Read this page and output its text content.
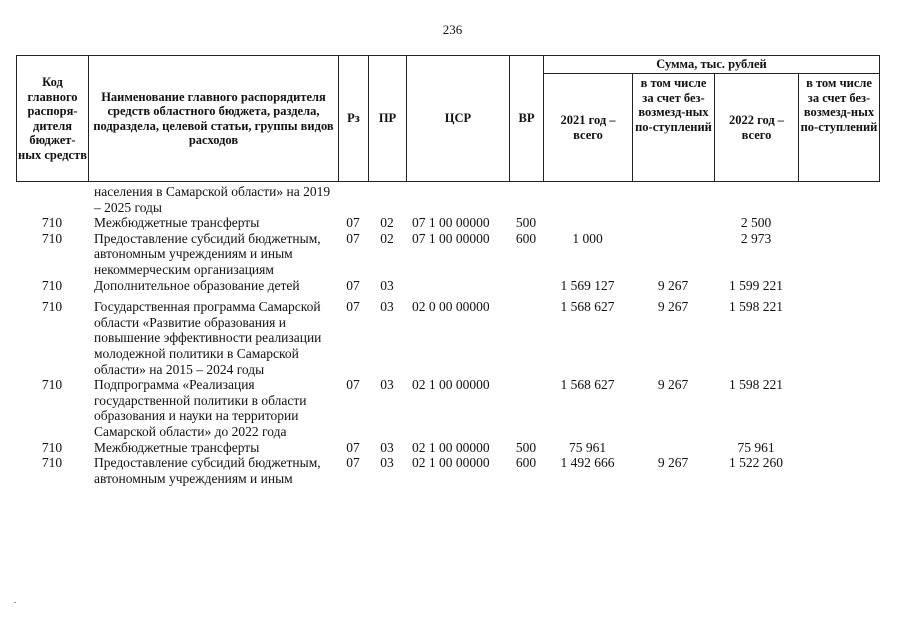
236
Код главного распоря-дителя бюджет-ных средств	Наименование главного распорядителя средств областного бюджета, раздела, подраздела, целевой статьи, группы видов расходов	Рз	ПР	ЦСР	ВР	Сумма, тыс. рублей			
						2021 год – всего	в том числе за счет без-возмезд-ных по-ступлений	2022 год – всего	в том числе за счет без-возмезд-ных по-ступлений
	населения в Самарской области» на 2019 – 2025 годы								
710	Межбюджетные трансферты	07	02	07 1 00 00000	500			2 500	
710	Предоставление субсидий бюджетным, автономным учреждениям и иным некоммерческим организациям	07	02	07 1 00 00000	600	1 000		2 973	
710	Дополнительное образование детей	07	03			1 569 127	9 267	1 599 221	
710	Государственная программа Самарской области «Развитие образования и повышение эффективности реализации молодежной политики в Самарской области» на 2015 – 2024 годы	07	03	02 0 00 00000		1 568 627	9 267	1 598 221	
710	Подпрограмма «Реализация государственной политики в области образования и науки на территории Самарской области» до 2022 года	07	03	02 1 00 00000		1 568 627	9 267	1 598 221	
710	Межбюджетные трансферты	07	03	02 1 00 00000	500	75 961		75 961	
710	Предоставление субсидий бюджетным, автономным учреждениям и иным	07	03	02 1 00 00000	600	1 492 666	9 267	1 522 260	
